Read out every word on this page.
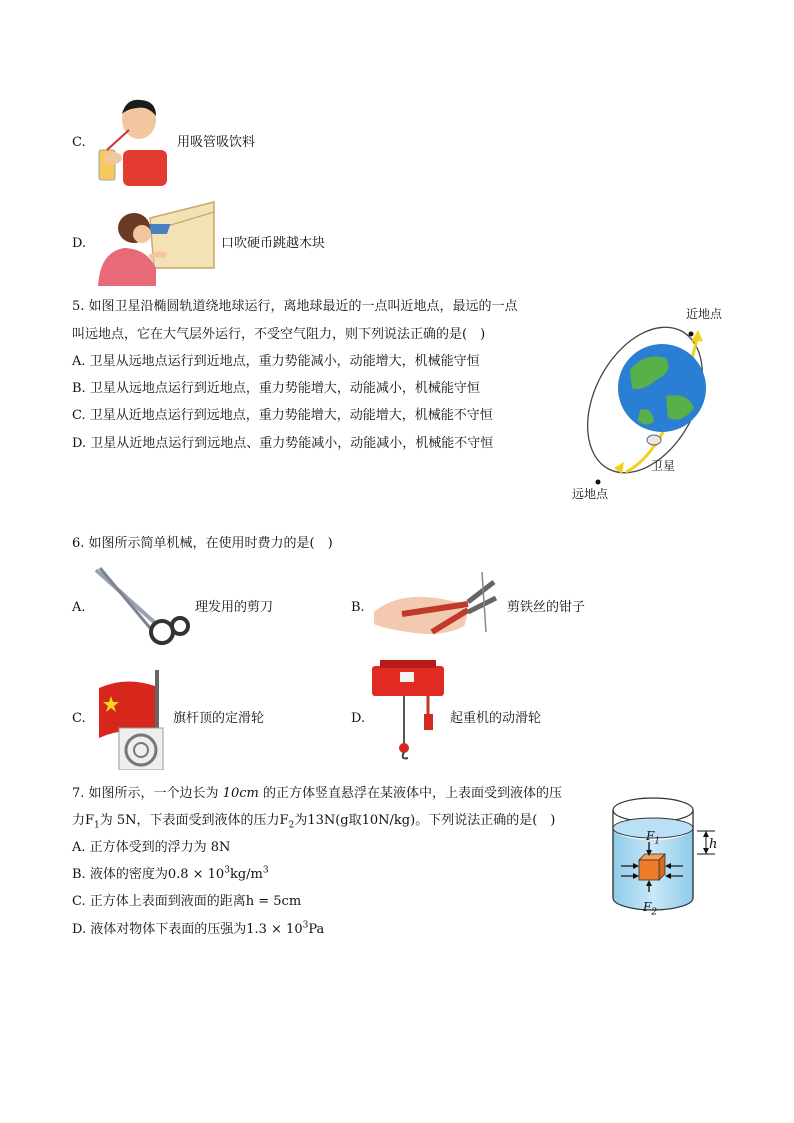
C.	用吸管吸饮料
D.	口吹硬币跳越木块
5. 如图卫星沿椭圆轨道绕地球运行，离地球最近的一点叫近地点，最远的一点
叫远地点，它在大气层外运行，不受空气阻力，则下列说法正确的是(　)
A. 卫星从远地点运行到近地点，重力势能减小，动能增大，机械能守恒
B. 卫星从远地点运行到近地点，重力势能增大，动能减小，机械能守恒
C. 卫星从近地点运行到远地点，重力势能增大，动能增大，机械能不守恒
D. 卫星从近地点运行到远地点、重力势能减小，动能减小，机械能不守恒
近地点
卫星
远地点
6. 如图所示简单机械，在使用时费力的是(　)
A.	理发用的剪刀	B.	剪铁丝的钳子
C.	旗杆顶的定滑轮	D.	起重机的动滑轮
7. 如图所示，一个边长为 10cm 的正方体竖直悬浮在某液体中，上表面受到液体的压
力$F_1$为 5N，下表面受到液体的压力$F_2$为13N(g取10N/kg)。下列说法正确的是(　)
A. 正方体受到的浮力为 8N
B. 液体的密度为$0.8 \times 10^3kg/m^3$
C. 正方体上表面到液面的距离h = 5cm
D. 液体对物体下表面的压强为$1.3 \times 10^3Pa$
$F_1$
$F_2$
h
